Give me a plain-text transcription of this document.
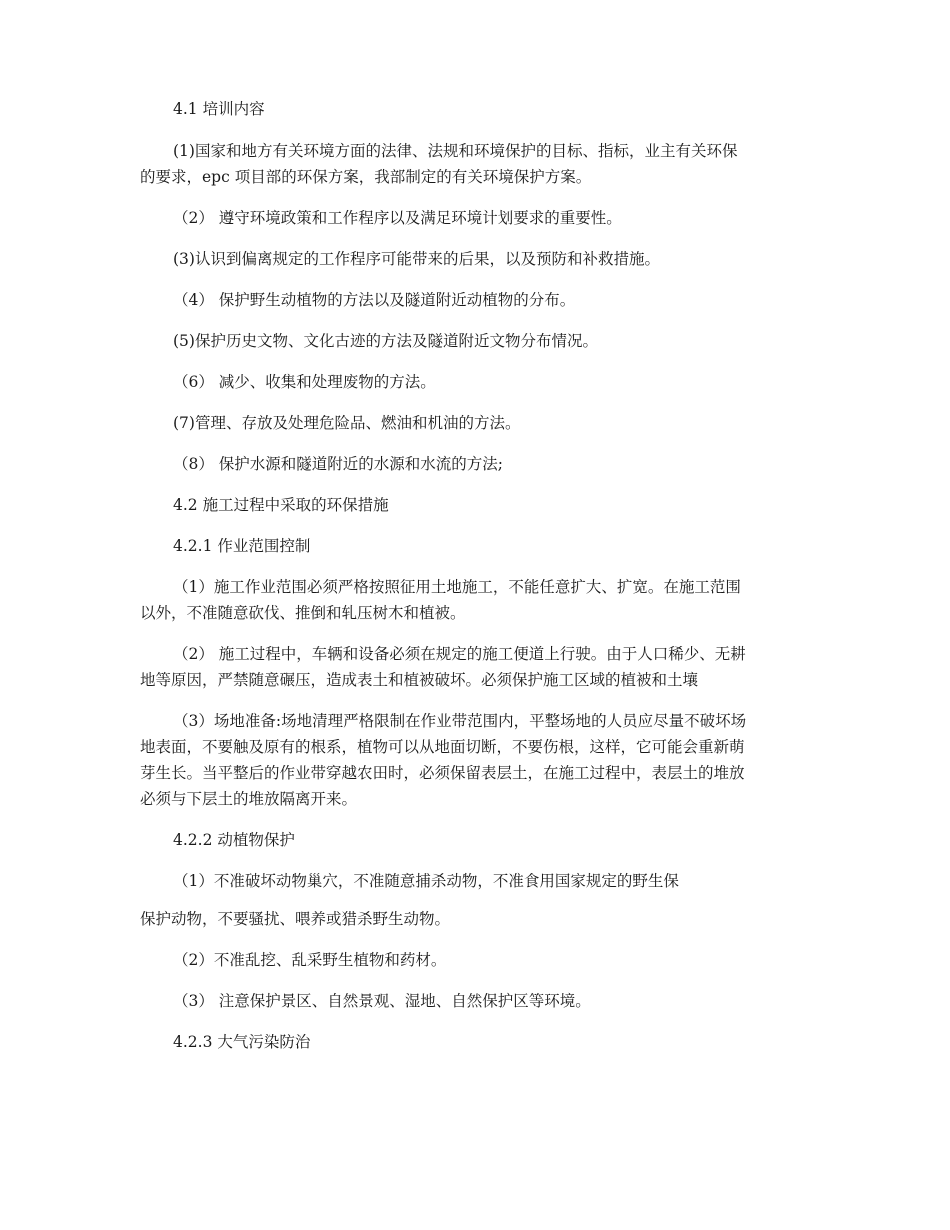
4.1 培训内容

(1)国家和地方有关环境方面的法律、法规和环境保护的目标、指标，业主有关环保

的要求，epc 项目部的环保方案，我部制定的有关环境保护方案。

（2） 遵守环境政策和工作程序以及满足环境计划要求的重要性。

(3)认识到偏离规定的工作程序可能带来的后果，以及预防和补救措施。

（4） 保护野生动植物的方法以及隧道附近动植物的分布。

(5)保护历史文物、文化古迹的方法及隧道附近文物分布情况。

（6） 减少、收集和处理废物的方法。

(7)管理、存放及处理危险品、燃油和机油的方法。

（8） 保护水源和隧道附近的水源和水流的方法;

4.2 施工过程中采取的环保措施

4.2.1 作业范围控制

（1）施工作业范围必须严格按照征用土地施工，不能任意扩大、扩宽。在施工范围

以外，不准随意砍伐、推倒和轧压树木和植被。

（2） 施工过程中，车辆和设备必须在规定的施工便道上行驶。由于人口稀少、无耕

地等原因，严禁随意碾压，造成表土和植被破坏。必须保护施工区域的植被和土壤

（3）场地准备:场地清理严格限制在作业带范围内，平整场地的人员应尽量不破坏场

地表面，不要触及原有的根系，植物可以从地面切断，不要伤根，这样，它可能会重新萌

芽生长。当平整后的作业带穿越农田时，必须保留表层土，在施工过程中，表层土的堆放

必须与下层土的堆放隔离开来。

4.2.2 动植物保护

（1）不准破坏动物巢穴，不准随意捕杀动物，不准食用国家规定的野生保

保护动物，不要骚扰、喂养或猎杀野生动物。

（2）不准乱挖、乱采野生植物和药材。

（3） 注意保护景区、自然景观、湿地、自然保护区等环境。

4.2.3 大气污染防治
